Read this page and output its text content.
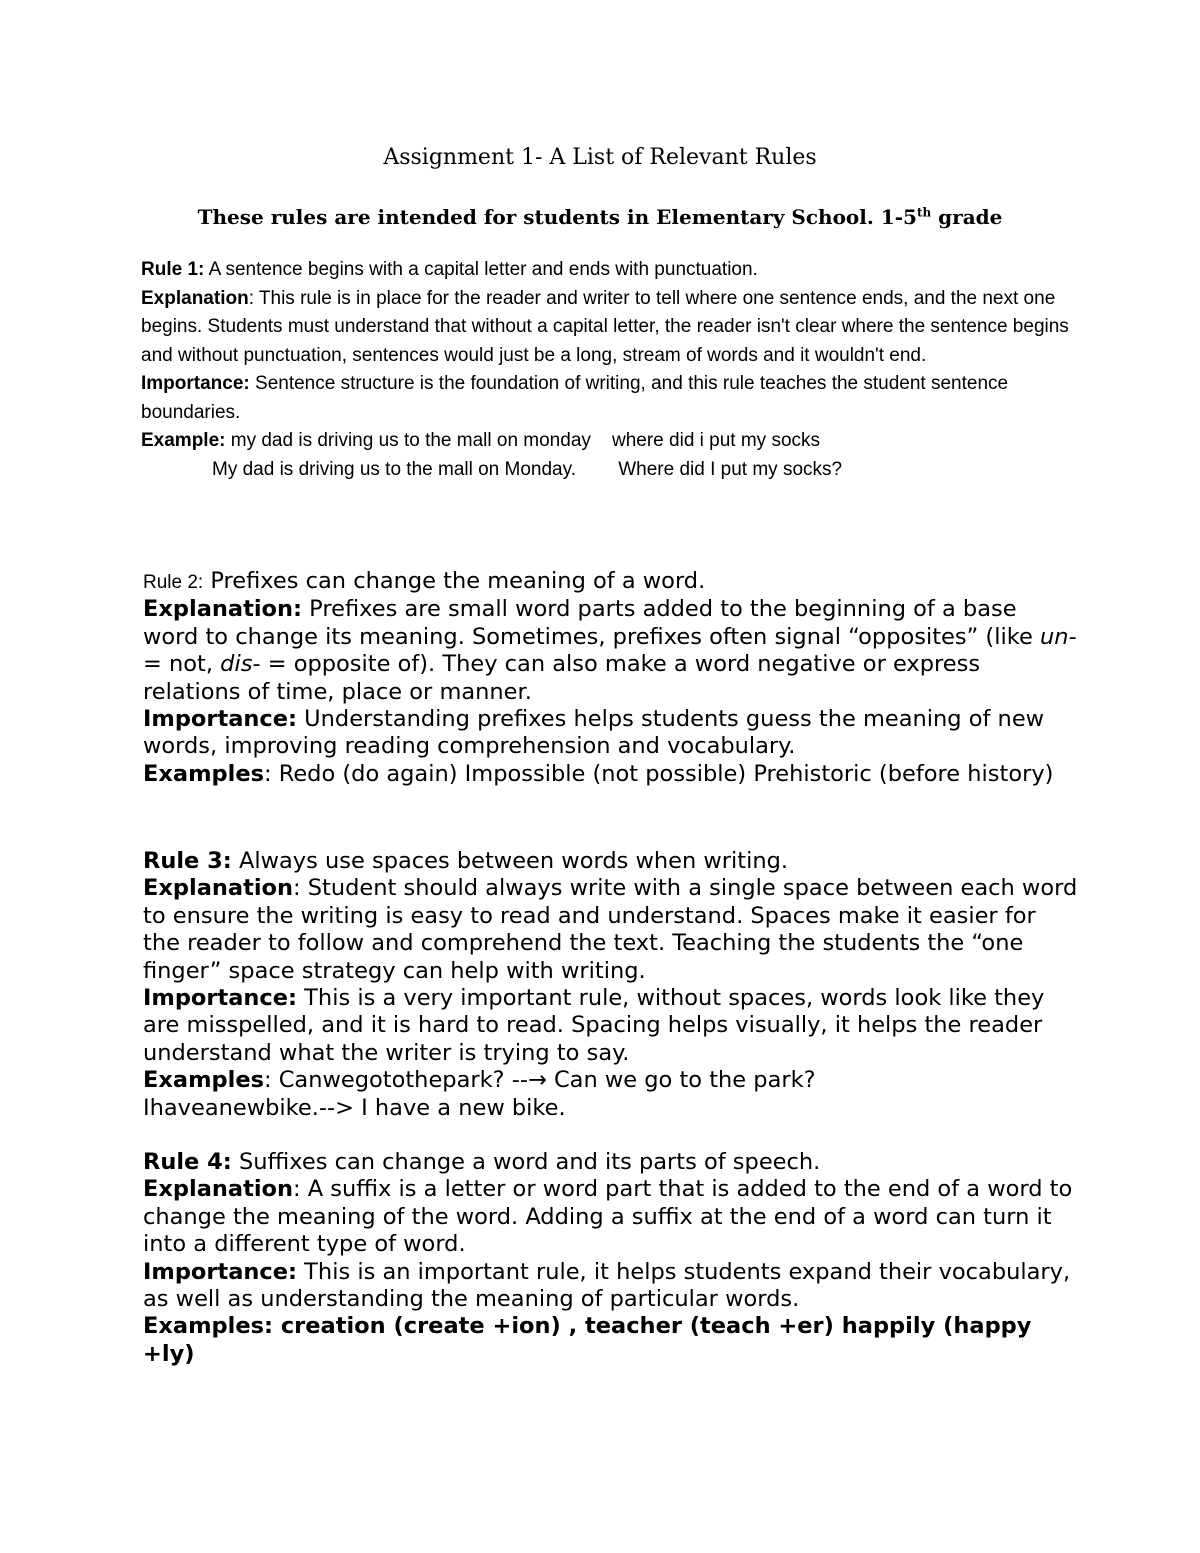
Assignment 1- A List of Relevant Rules

These rules are intended for students in Elementary School. 1-5th grade

Rule 1: A sentence begins with a capital letter and ends with punctuation.

Explanation: This rule is in place for the reader and writer to tell where one sentence ends, and the next one begins. Students must understand that without a capital letter, the reader isn't clear where the sentence begins and without punctuation, sentences would just be a long, stream of words and it wouldn't end.

Importance: Sentence structure is the foundation of writing, and this rule teaches the student sentence boundaries.

Example: my dad is driving us to the mall on monday    where did i put my socks

My dad is driving us to the mall on Monday.        Where did I put my socks?

Rule 2: Prefixes can change the meaning of a word.

Explanation: Prefixes are small word parts added to the beginning of a base word to change its meaning. Sometimes, prefixes often signal “opposites” (like un- = not, dis- = opposite of). They can also make a word negative or express relations of time, place or manner.

Importance: Understanding prefixes helps students guess the meaning of new words, improving reading comprehension and vocabulary.

Examples: Redo (do again) Impossible (not possible) Prehistoric (before history)

Rule 3: Always use spaces between words when writing.

Explanation: Student should always write with a single space between each word to ensure the writing is easy to read and understand. Spaces make it easier for the reader to follow and comprehend the text. Teaching the students the “one finger” space strategy can help with writing.

Importance: This is a very important rule, without spaces, words look like they are misspelled, and it is hard to read. Spacing helps visually, it helps the reader understand what the writer is trying to say.

Examples: Canwegotothepark? --→ Can we go to the park?

Ihaveanewbike.--> I have a new bike.

Rule 4: Suffixes can change a word and its parts of speech.

Explanation: A suffix is a letter or word part that is added to the end of a word to change the meaning of the word. Adding a suffix at the end of a word can turn it into a different type of word.

Importance: This is an important rule, it helps students expand their vocabulary, as well as understanding the meaning of particular words.

Examples: creation (create +ion) , teacher (teach +er) happily (happy +ly)
